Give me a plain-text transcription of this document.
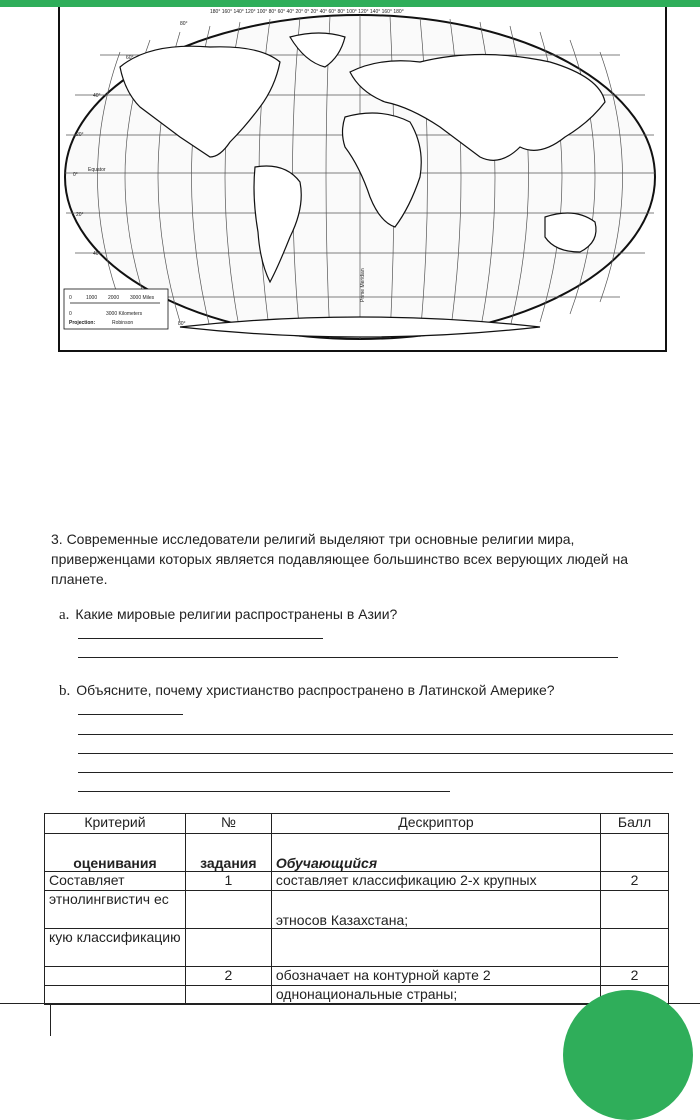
180° 160° 140° 120° 100° 80° 60° 40° 20° 0° 20° 40° 60° 80° 100° 120° 140° 160° 180°
80°
60°
40°
20°
0°
20°
40°
80°
Equator
Prime Meridian
0	1000 2000 3000 Miles
0	3000 Kilometers
Projection:	Robinson
3. Современные исследователи религий выделяют три основные религии мира, приверженцами которых является подавляющее большинство всех верующих людей на планете.
a. Какие мировые религии распространены в Азии?
b. Объясните, почему христианство распространено в Латинской Америке?
Критерий	№	Дескриптор	Балл
оценивания	задания	Обучающийся	
Составляет	1	составляет классификацию 2-х крупных	2
этнолингвистич ес		этносов Казахстана;	
кую классификацию			
	2	обозначает на контурной карте 2	2
		однонациональные страны;	
